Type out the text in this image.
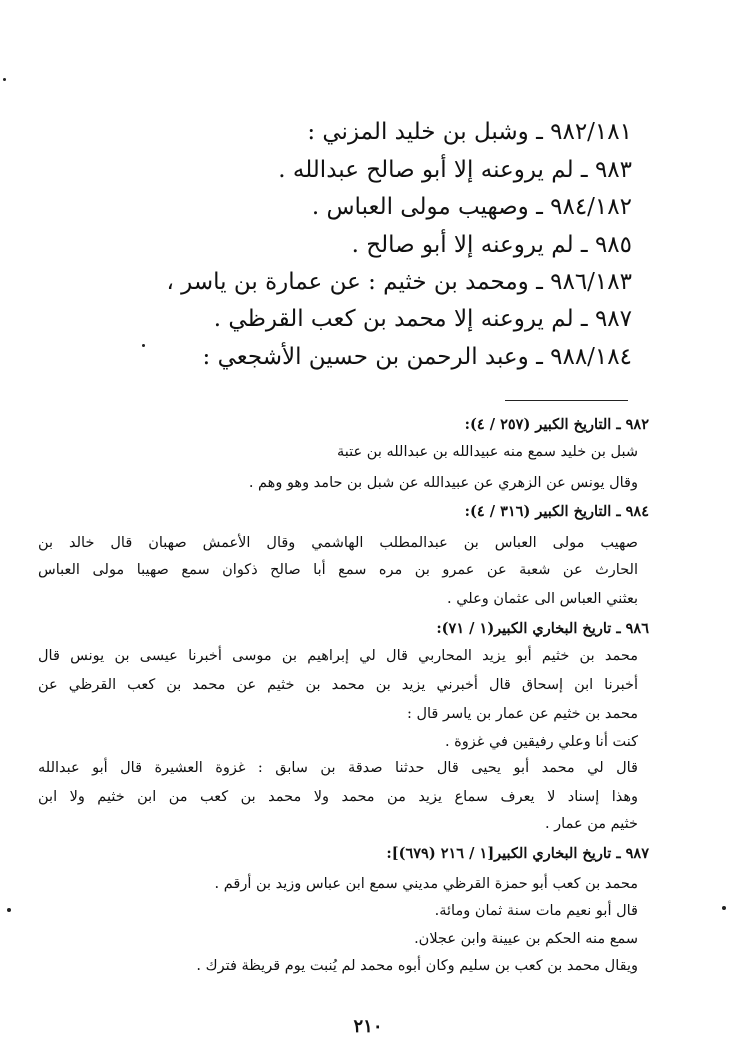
٩٨٢/١٨١ ـ وشبل بن خليد المزني :
٩٨٣ ـ لم يروعنه إلا أبو صالح عبدالله .
٩٨٤/١٨٢ ـ وصهيب مولى العباس .
٩٨٥ ـ لم يروعنه إلا أبو صالح .
٩٨٦/١٨٣ ـ ومحمد بن خثيم : عن عمارة بن ياسر ،
٩٨٧ ـ لم يروعنه إلا محمد بن كعب القرظي .
٩٨٨/١٨٤ ـ وعبد الرحمن بن حسين الأشجعي :
٩٨٢ ـ التاريخ الكبير (٢٥٧ / ٤):
شبل بن خليد سمع منه عبيدالله بن عبدالله بن عتبة
وقال يونس عن الزهري عن عبيدالله عن شبل بن حامد وهو وهم .
٩٨٤ ـ التاريخ الكبير (٣١٦ / ٤):
صهيب مولى العباس بن عبدالمطلب الهاشمي وقال الأعمش صهبان قال خالد بن
الحارث عن شعبة عن عمرو بن مره سمع أبا صالح ذكوان سمع صهيبا مولى العباس
بعثني العباس الى عثمان وعلي .
٩٨٦ ـ تاريخ البخاري الكبير(١ / ٧١):
محمد بن خثيم أبو يزيد المحاربي قال لي إبراهيم بن موسى أخبرنا عيسى بن يونس قال
أخبرنا ابن إسحاق قال أخبرني يزيد بن محمد بن خثيم عن محمد بن كعب القرظي عن
محمد بن خثيم عن عمار بن ياسر قال :
كنت أنا وعلي رفيقين في غزوة .
قال لي محمد أبو يحيى قال حدثنا صدقة بن سابق : غزوة العشيرة قال أبو عبدالله
وهذا إسناد لا يعرف سماع يزيد من محمد ولا محمد بن كعب من ابن خثيم ولا ابن
خثيم من عمار .
٩٨٧ ـ تاريخ البخاري الكبير[١ / ٢١٦ (٦٧٩)]:
محمد بن كعب أبو حمزة القرظي مديني سمع ابن عباس وزيد بن أرقم .
قال أبو نعيم مات سنة ثمان ومائة.
سمع منه الحكم بن عيينة وابن عجلان.
ويقال محمد بن كعب بن سليم وكان أبوه محمد لم يُنبت يوم قريظة فترك .
٢١٠
